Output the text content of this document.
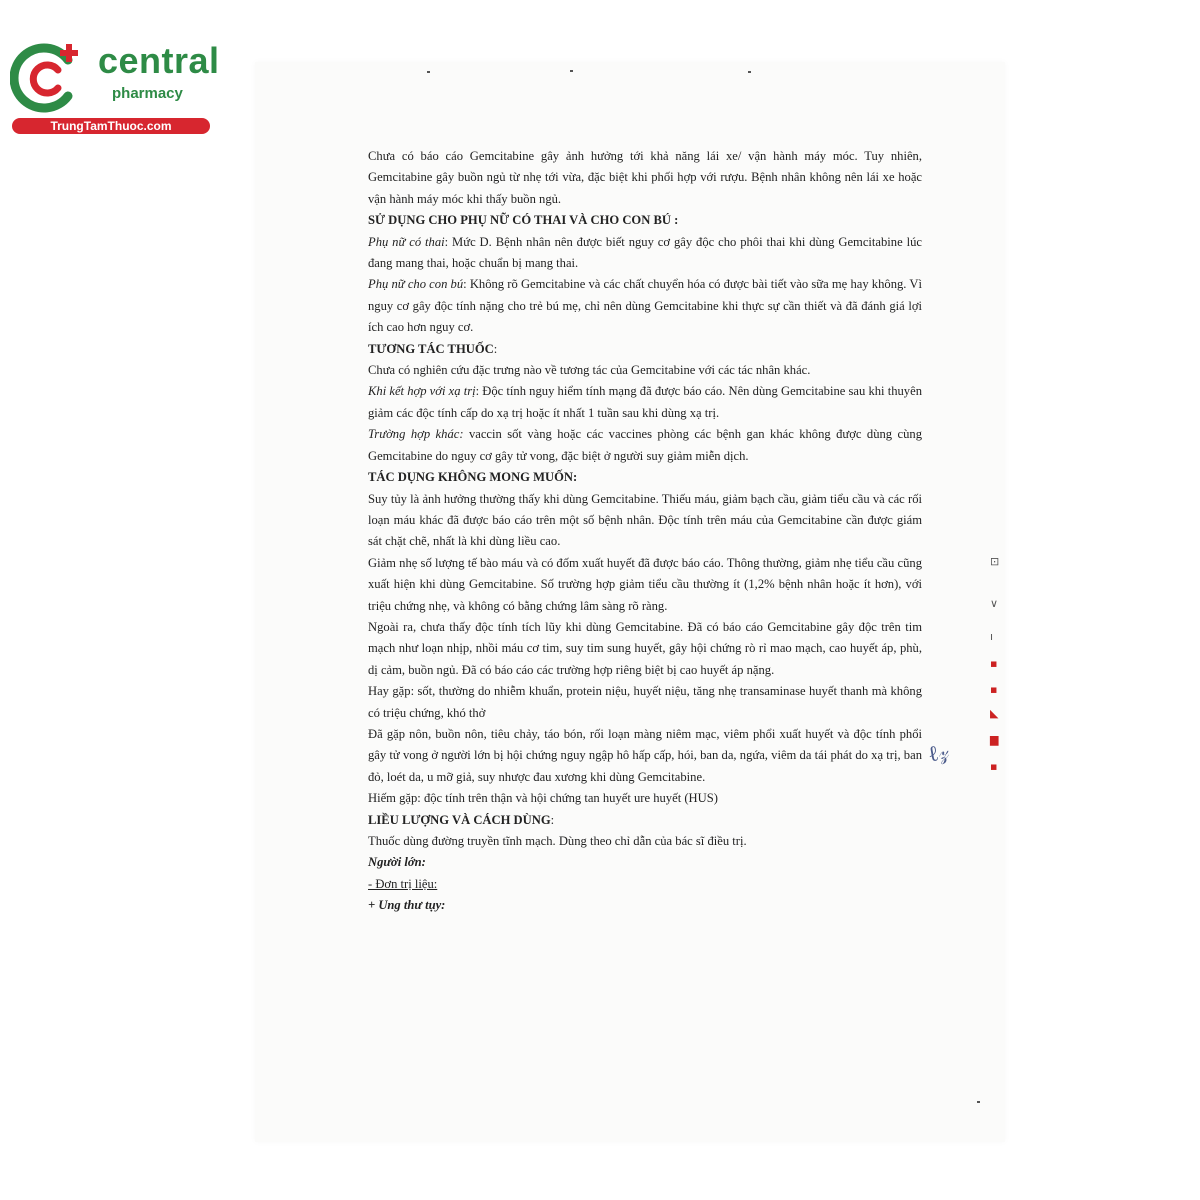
central
pharmacy
TrungTamThuoc.com

Chưa có báo cáo Gemcitabine gây ảnh hưởng tới khả năng lái xe/ vận hành máy móc. Tuy nhiên, Gemcitabine gây buồn ngủ từ nhẹ tới vừa, đặc biệt khi phối hợp với rượu. Bệnh nhân không nên lái xe hoặc vận hành máy móc khi thấy buồn ngủ.

SỬ DỤNG CHO PHỤ NỮ CÓ THAI VÀ CHO CON BÚ :

Phụ nữ có thai: Mức D. Bệnh nhân nên được biết nguy cơ gây độc cho phôi thai khi dùng Gemcitabine lúc đang mang thai, hoặc chuẩn bị mang thai.

Phụ nữ cho con bú: Không rõ Gemcitabine và các chất chuyển hóa có được bài tiết vào sữa mẹ hay không. Vì nguy cơ gây độc tính nặng cho trẻ bú mẹ, chỉ nên dùng Gemcitabine khi thực sự cần thiết và đã đánh giá lợi ích cao hơn nguy cơ.

TƯƠNG TÁC THUỐC:

Chưa có nghiên cứu đặc trưng nào về tương tác của Gemcitabine với các tác nhân khác.

Khi kết hợp với xạ trị: Độc tính nguy hiểm tính mạng đã được báo cáo. Nên dùng Gemcitabine sau khi thuyên giảm các độc tính cấp do xạ trị hoặc ít nhất 1 tuần sau khi dùng xạ trị.

Trường hợp khác: vaccin sốt vàng hoặc các vaccines phòng các bệnh gan khác không được dùng cùng Gemcitabine do nguy cơ gây tử vong, đặc biệt ở người suy giảm miễn dịch.

TÁC DỤNG KHÔNG MONG MUỐN:

Suy tủy là ảnh hưởng thường thấy khi dùng Gemcitabine. Thiếu máu, giảm bạch cầu, giảm tiểu cầu và các rối loạn máu khác đã được báo cáo trên một số bệnh nhân. Độc tính trên máu của Gemcitabine cần được giám sát chặt chẽ, nhất là khi dùng liều cao.

Giảm nhẹ số lượng tế bào máu và có đốm xuất huyết đã được báo cáo. Thông thường, giảm nhẹ tiểu cầu cũng xuất hiện khi dùng Gemcitabine. Số trường hợp giảm tiểu cầu thường ít (1,2% bệnh nhân hoặc ít hơn), với triệu chứng nhẹ, và không có bằng chứng lâm sàng rõ ràng.

Ngoài ra, chưa thấy độc tính tích lũy khi dùng Gemcitabine. Đã có báo cáo Gemcitabine gây độc trên tim mạch như loạn nhịp, nhồi máu cơ tim, suy tim sung huyết, gây hội chứng rò rỉ mao mạch, cao huyết áp, phù, dị cảm, buồn ngủ. Đã có báo cáo các trường hợp riêng biệt bị cao huyết áp nặng.

Hay gặp: sốt, thường do nhiễm khuẩn, protein niệu, huyết niệu, tăng nhẹ transaminase huyết thanh mà không có triệu chứng, khó thở

Đã gặp nôn, buồn nôn, tiêu chảy, táo bón, rối loạn màng niêm mạc, viêm phổi xuất huyết và độc tính phổi gây tử vong ở người lớn bị hội chứng nguy ngập hô hấp cấp, hói, ban da, ngứa, viêm da tái phát do xạ trị, ban đỏ, loét da, u mỡ giả, suy nhược đau xương khi dùng Gemcitabine.

Hiếm gặp: độc tính trên thận và hội chứng tan huyết ure huyết (HUS)

LIỀU LƯỢNG VÀ CÁCH DÙNG:

Thuốc dùng đường truyền tĩnh mạch. Dùng theo chỉ dẫn của bác sĩ điều trị.

Người lớn:

- Đơn trị liệu:

+ Ung thư tụy:

⊡
∨
ı
▪
▪
◣
▆
▪
ℓ𝓏
